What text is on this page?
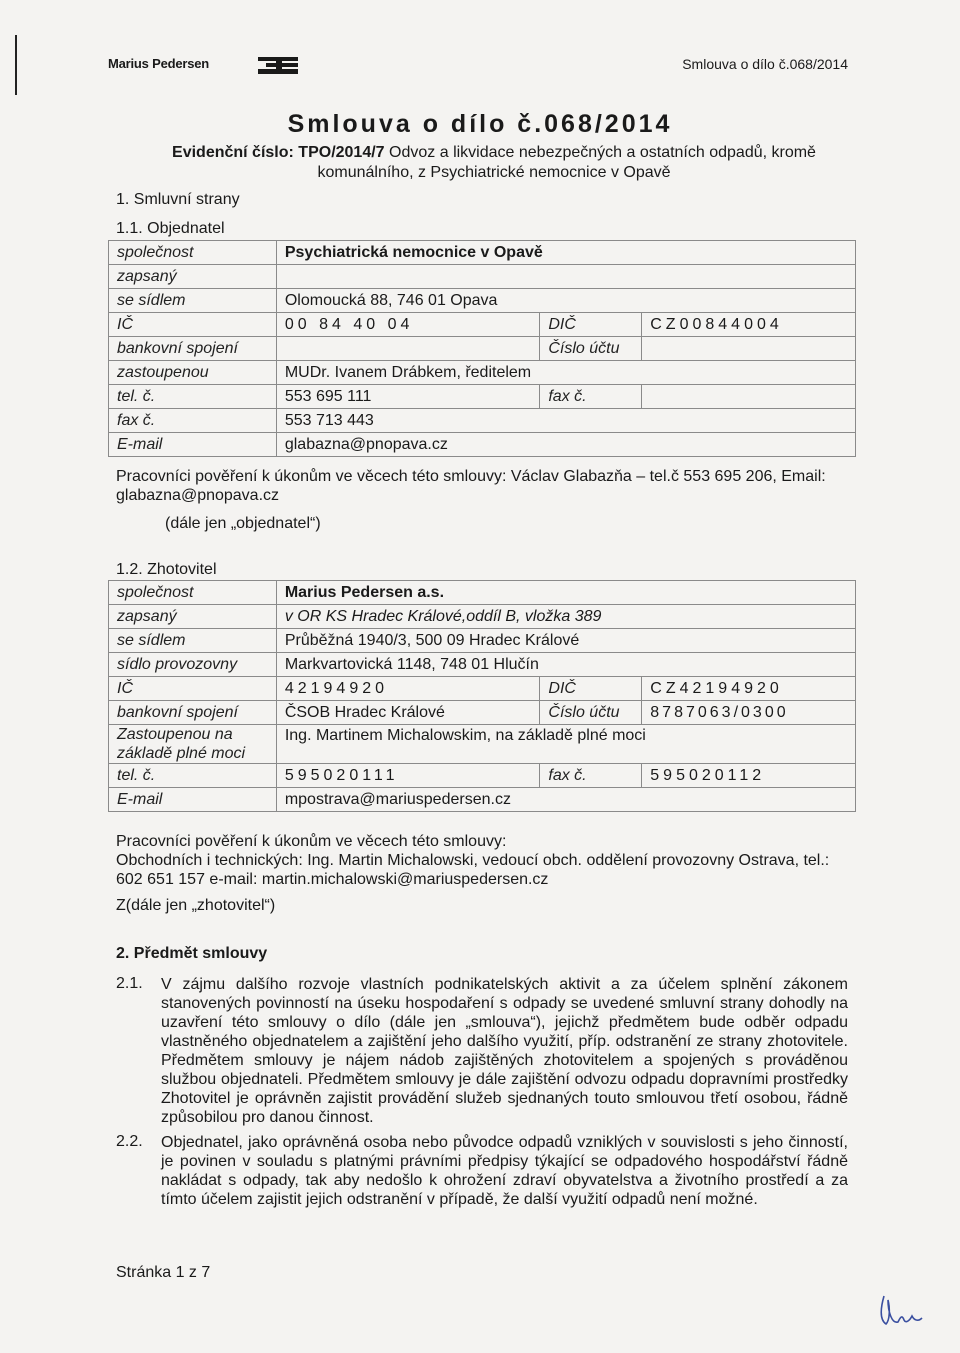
Marius Pedersen	Smlouva o dílo č.068/2014
Smlouva o dílo č.068/2014
Evidenční číslo: TPO/2014/7 Odvoz a likvidace nebezpečných a ostatních odpadů, kromě komunálního, z Psychiatrické nemocnice v Opavě
1. Smluvní strany
1.1. Objednatel
společnost	Psychiatrická nemocnice v Opavě		
zapsaný			
se sídlem	Olomoucká 88, 746 01 Opava		
IČ	00 84 40 04	DIČ	CZ00844004
bankovní spojení		Číslo účtu	
zastoupenou	MUDr. Ivanem Drábkem, ředitelem		
tel. č.	553 695 111	fax č.	
fax č.	553 713 443		
E-mail	glabazna@pnopava.cz		
Pracovníci pověření k úkonům ve věcech této smlouvy: Václav Glabazňa – tel.č 553 695 206, Email: glabazna@pnopava.cz
(dále jen „objednatel“)
1.2. Zhotovitel
společnost	Marius Pedersen a.s.		
zapsaný	v OR KS Hradec Králové,oddíl B, vložka 389		
se sídlem	Průběžná 1940/3, 500 09 Hradec Králové		
sídlo provozovny	Markvartovická 1148, 748 01 Hlučín		
IČ	42194920	DIČ	CZ42194920
bankovní spojení	ČSOB Hradec Králové	Číslo účtu	8787063/0300
Zastoupenou na základě plné moci	Ing. Martinem Michalowskim, na základě plné moci		
tel. č.	595020111	fax č.	595020112
E-mail	mpostrava@mariuspedersen.cz		
Pracovníci pověření k úkonům ve věcech této smlouvy:
Obchodních i technických: Ing. Martin Michalowski, vedoucí obch. oddělení provozovny Ostrava, tel.: 602 651 157 e-mail: martin.michalowski@mariuspedersen.cz
Z(dále jen „zhotovitel“)
2. Předmět smlouvy
2.1. V zájmu dalšího rozvoje vlastních podnikatelských aktivit a za účelem splnění zákonem stanovených povinností na úseku hospodaření s odpady se uvedené smluvní strany dohodly na uzavření této smlouvy o dílo (dále jen „smlouva“), jejichž předmětem bude odběr odpadu vlastněného objednatelem a zajištění jeho dalšího využití, příp. odstranění ze strany zhotovitele. Předmětem smlouvy je nájem nádob zajištěných zhotovitelem a spojených s prováděnou službou objednateli. Předmětem smlouvy je dále zajištění odvozu odpadu dopravními prostředky Zhotovitel je oprávněn zajistit provádění služeb sjednaných touto smlouvou třetí osobou, řádně způsobilou pro danou činnost.
2.2. Objednatel, jako oprávněná osoba nebo původce odpadů vzniklých v souvislosti s jeho činností, je povinen v souladu s platnými právními předpisy týkající se odpadového hospodářství řádně nakládat s odpady, tak aby nedošlo k ohrožení zdraví obyvatelstva a životního prostředí a za tímto účelem zajistit jejich odstranění v případě, že další využití odpadů není možné.
Stránka 1 z 7
